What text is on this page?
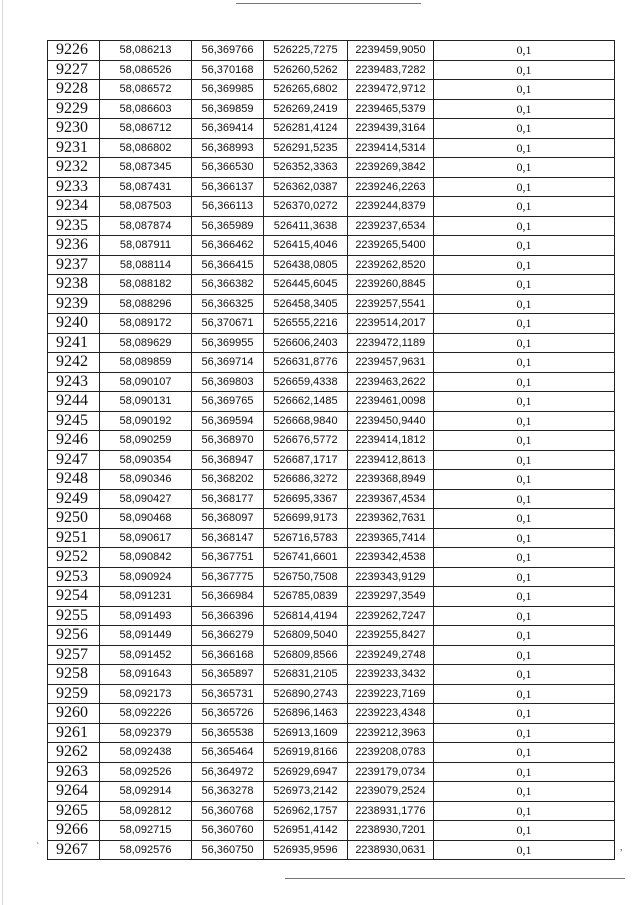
9226	58,086213	56,369766	526225,7275	2239459,9050	0,1
9227	58,086526	56,370168	526260,5262	2239483,7282	0,1
9228	58,086572	56,369985	526265,6802	2239472,9712	0,1
9229	58,086603	56,369859	526269,2419	2239465,5379	0,1
9230	58,086712	56,369414	526281,4124	2239439,3164	0,1
9231	58,086802	56,368993	526291,5235	2239414,5314	0,1
9232	58,087345	56,366530	526352,3363	2239269,3842	0,1
9233	58,087431	56,366137	526362,0387	2239246,2263	0,1
9234	58,087503	56,366113	526370,0272	2239244,8379	0,1
9235	58,087874	56,365989	526411,3638	2239237,6534	0,1
9236	58,087911	56,366462	526415,4046	2239265,5400	0,1
9237	58,088114	56,366415	526438,0805	2239262,8520	0,1
9238	58,088182	56,366382	526445,6045	2239260,8845	0,1
9239	58,088296	56,366325	526458,3405	2239257,5541	0,1
9240	58,089172	56,370671	526555,2216	2239514,2017	0,1
9241	58,089629	56,369955	526606,2403	2239472,1189	0,1
9242	58,089859	56,369714	526631,8776	2239457,9631	0,1
9243	58,090107	56,369803	526659,4338	2239463,2622	0,1
9244	58,090131	56,369765	526662,1485	2239461,0098	0,1
9245	58,090192	56,369594	526668,9840	2239450,9440	0,1
9246	58,090259	56,368970	526676,5772	2239414,1812	0,1
9247	58,090354	56,368947	526687,1717	2239412,8613	0,1
9248	58,090346	56,368202	526686,3272	2239368,8949	0,1
9249	58,090427	56,368177	526695,3367	2239367,4534	0,1
9250	58,090468	56,368097	526699,9173	2239362,7631	0,1
9251	58,090617	56,368147	526716,5783	2239365,7414	0,1
9252	58,090842	56,367751	526741,6601	2239342,4538	0,1
9253	58,090924	56,367775	526750,7508	2239343,9129	0,1
9254	58,091231	56,366984	526785,0839	2239297,3549	0,1
9255	58,091493	56,366396	526814,4194	2239262,7247	0,1
9256	58,091449	56,366279	526809,5040	2239255,8427	0,1
9257	58,091452	56,366168	526809,8566	2239249,2748	0,1
9258	58,091643	56,365897	526831,2105	2239233,3432	0,1
9259	58,092173	56,365731	526890,2743	2239223,7169	0,1
9260	58,092226	56,365726	526896,1463	2239223,4348	0,1
9261	58,092379	56,365538	526913,1609	2239212,3963	0,1
9262	58,092438	56,365464	526919,8166	2239208,0783	0,1
9263	58,092526	56,364972	526929,6947	2239179,0734	0,1
9264	58,092914	56,363278	526973,2142	2239079,2524	0,1
9265	58,092812	56,360768	526962,1757	2238931,1776	0,1
9266	58,092715	56,360760	526951,4142	2238930,7201	0,1
9267	58,092576	56,360750	526935,9596	2238930,0631	0,1
`	,
